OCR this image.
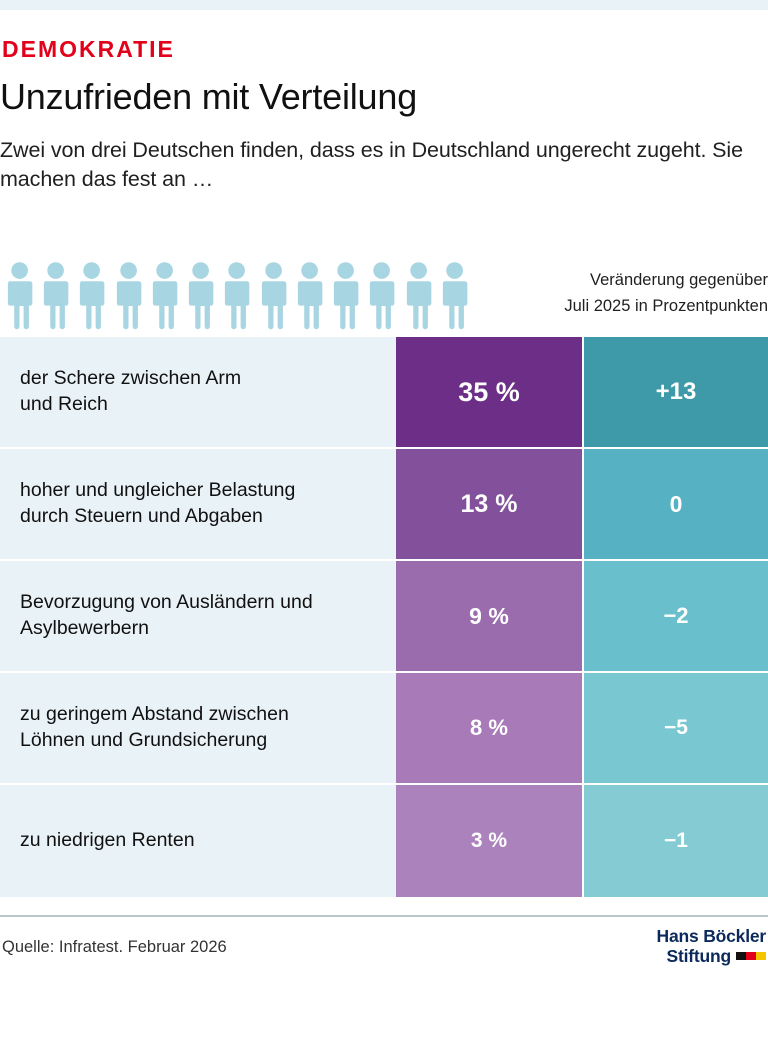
DEMOKRATIE
Unzufrieden mit Verteilung
Zwei von drei Deutschen finden, dass es in Deutschland ungerecht zugeht. Sie machen das fest an …
Veränderung gegenüber
Juli 2025 in Prozentpunkten
der Schere zwischen Arm
und Reich	35 %	+13
hoher und ungleicher Belastung
durch Steuern und Abgaben	13 %	0
Bevorzugung von Ausländern und
Asylbewerbern	9 %	−2
zu geringem Abstand zwischen
Löhnen und Grundsicherung	8 %	−5
zu niedrigen Renten	3 %	−1
Quelle: Infratest. Februar 2026
Hans Böckler
Stiftung
